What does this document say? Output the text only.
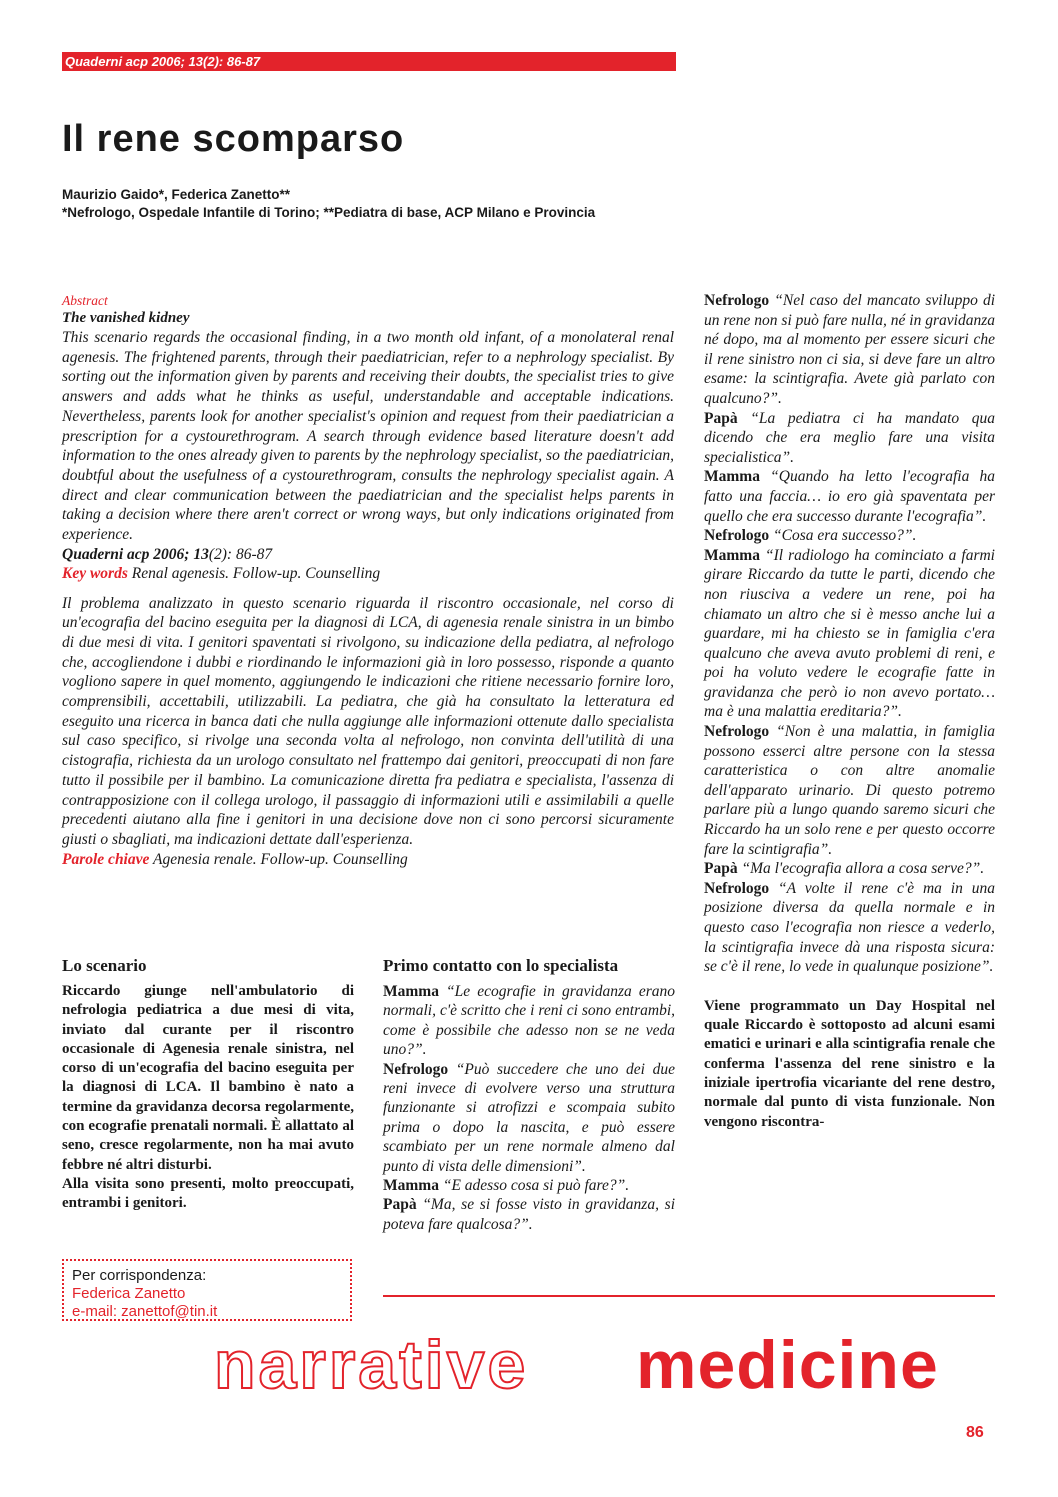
Quaderni acp 2006; 13(2): 86-87
Il rene scomparso
Maurizio Gaido*, Federica Zanetto**
*Nefrologo, Ospedale Infantile di Torino; **Pediatra di base, ACP Milano e Provincia

Abstract

The vanished kidney

This scenario regards the occasional finding, in a two month old infant, of a monolateral renal agenesis. The frightened parents, through their paediatrician, refer to a nephrology specialist. By sorting out the information given by parents and receiving their doubts, the specialist tries to give answers and adds what he thinks as useful, understandable and acceptable indications. Nevertheless, parents look for another specialist's opinion and request from their paediatrician a prescription for a cystourethrogram. A search through evidence based literature doesn't add information to the ones already given to parents by the nephrology specialist, so the paediatrician, doubtful about the usefulness of a cystourethrogram, consults the nephrology specialist again. A direct and clear communication between the paediatrician and the specialist helps parents in taking a decision where there aren't correct or wrong ways, but only indications originated from experience.

Quaderni acp 2006; 13(2): 86-87

Key words Renal agenesis. Follow-up. Counselling

Il problema analizzato in questo scenario riguarda il riscontro occasionale, nel corso di un'ecografia del bacino eseguita per la diagnosi di LCA, di agenesia renale sinistra in un bimbo di due mesi di vita. I genitori spaventati si rivolgono, su indicazione della pediatra, al nefrologo che, accogliendone i dubbi e riordinando le informazioni già in loro possesso, risponde a quanto vogliono sapere in quel momento, aggiungendo le indicazioni che ritiene necessario fornire loro, comprensibili, accettabili, utilizzabili. La pediatra, che già ha consultato la letteratura ed eseguito una ricerca in banca dati che nulla aggiunge alle informazioni ottenute dallo specialista sul caso specifico, si rivolge una seconda volta al nefrologo, non convinta dell'utilità di una cistografia, richiesta da un urologo consultato nel frattempo dai genitori, preoccupati di non fare tutto il possibile per il bambino. La comunicazione diretta fra pediatra e specialista, l'assenza di contrapposizione con il collega urologo, il passaggio di informazioni utili e assimilabili a quelle precedenti aiutano alla fine i genitori in una decisione dove non ci sono percorsi sicuramente giusti o sbagliati, ma indicazioni dettate dall'esperienza.

Parole chiave Agenesia renale. Follow-up. Counselling

Lo scenario

Riccardo giunge nell'ambulatorio di nefrologia pediatrica a due mesi di vita, inviato dal curante per il riscontro occasionale di Agenesia renale sinistra, nel corso di un'ecografia del bacino eseguita per la diagnosi di LCA. Il bambino è nato a termine da gravidanza decorsa regolarmente, con ecografie prenatali normali. È allattato al seno, cresce regolarmente, non ha mai avuto febbre né altri disturbi.

Alla visita sono presenti, molto preoccupati, entrambi i genitori.

Primo contatto con lo specialista

Mamma “Le ecografie in gravidanza erano normali, c'è scritto che i reni ci sono entrambi, come è possibile che adesso non se ne veda uno?”.

Nefrologo “Può succedere che uno dei due reni invece di evolvere verso una struttura funzionante si atrofizzi e scompaia subito prima o dopo la nascita, e può essere scambiato per un rene normale almeno dal punto di vista delle dimensioni”.

Mamma “E adesso cosa si può fare?”.

Papà “Ma, se si fosse visto in gravidanza, si poteva fare qualcosa?”.

Nefrologo “Nel caso del mancato sviluppo di un rene non si può fare nulla, né in gravidanza né dopo, ma al momento per essere sicuri che il rene sinistro non ci sia, si deve fare un altro esame: la scintigrafia. Avete già parlato con qualcuno?”.

Papà “La pediatra ci ha mandato qua dicendo che era meglio fare una visita specialistica”.

Mamma “Quando ha letto l'ecografia ha fatto una faccia… io ero già spaventata per quello che era successo durante l'ecografia”.

Nefrologo “Cosa era successo?”.

Mamma “Il radiologo ha cominciato a farmi girare Riccardo da tutte le parti, dicendo che non riusciva a vedere un rene, poi ha chiamato un altro che si è messo anche lui a guardare, mi ha chiesto se in famiglia c'era qualcuno che aveva avuto problemi di reni, e poi ha voluto vedere le ecografie fatte in gravidanza che però io non avevo portato… ma è una malattia ereditaria?”.

Nefrologo “Non è una malattia, in famiglia possono esserci altre persone con la stessa caratteristica o con altre anomalie dell'apparato urinario. Di questo potremo parlare più a lungo quando saremo sicuri che Riccardo ha un solo rene e per questo occorre fare la scintigrafia”.

Papà “Ma l'ecografia allora a cosa serve?”.

Nefrologo “A volte il rene c'è ma in una posizione diversa da quella normale e in questo caso l'ecografia non riesce a vederlo, la scintigrafia invece dà una risposta sicura: se c'è il rene, lo vede in qualunque posizione”.

Viene programmato un Day Hospital nel quale Riccardo è sottoposto ad alcuni esami ematici e urinari e alla scintigrafia renale che conferma l'assenza del rene sinistro e la iniziale ipertrofia vicariante del rene destro, normale dal punto di vista funzionale. Non vengono riscontra-

Per corrispondenza:
Federica Zanetto
e-mail: zanettof@tin.it
narrative medicine
86
